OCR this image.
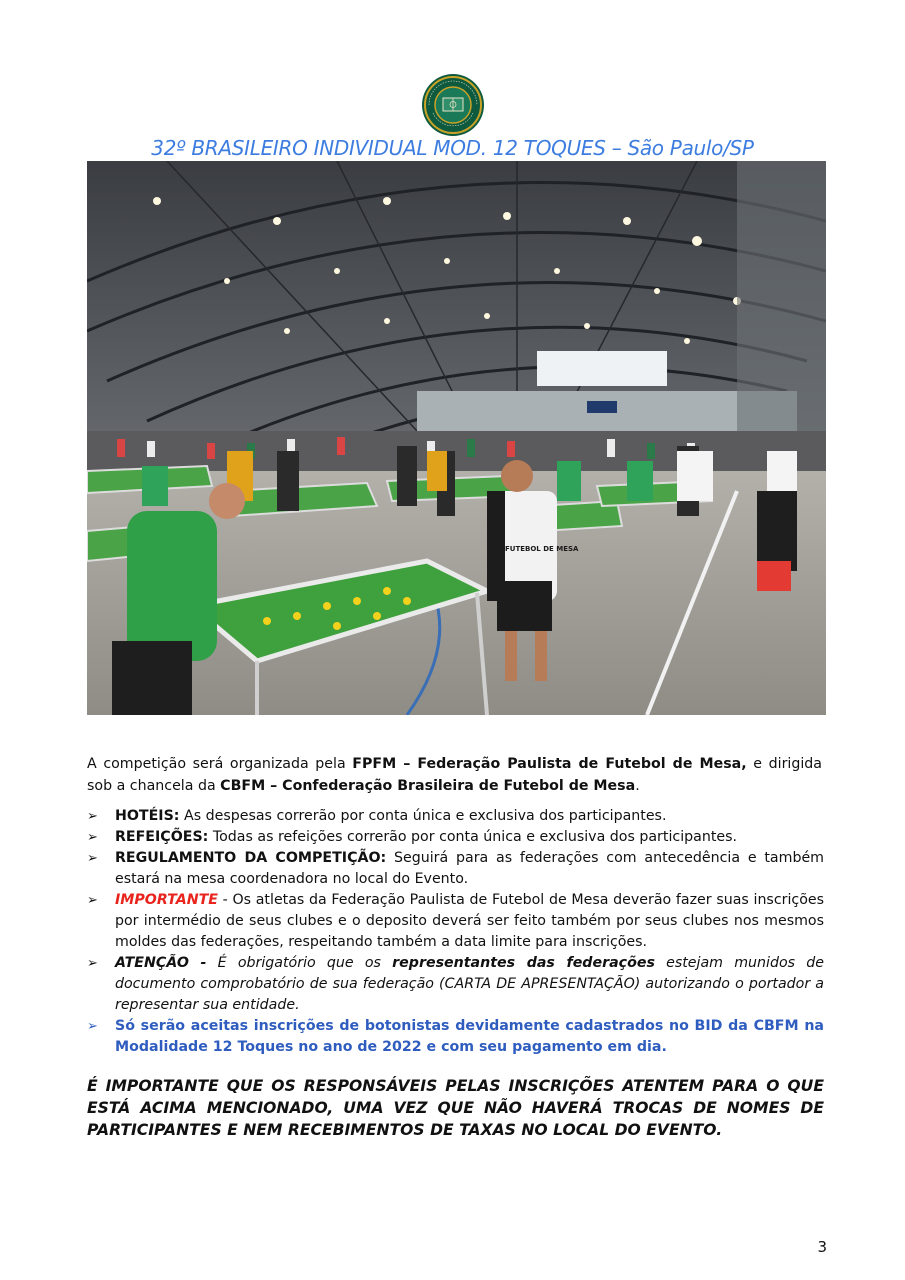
32º BRASILEIRO INDIVIDUAL MOD. 12 TOQUES – São Paulo/SP
FUTEBOL DE MESA
A competição será organizada pela FPFM – Federação Paulista de Futebol de Mesa, e dirigida sob a chancela da CBFM – Confederação Brasileira de Futebol de Mesa.
➢ HOTÉIS: As despesas correrão por conta única e exclusiva dos participantes.
➢ REFEIÇÕES: Todas as refeições correrão por conta única e exclusiva dos participantes.
➢ REGULAMENTO DA COMPETIÇÃO: Seguirá para as federações com antecedência e também estará na mesa coordenadora no local do Evento.
➢ IMPORTANTE - Os atletas da Federação Paulista de Futebol de Mesa deverão fazer suas inscrições por intermédio de seus clubes e o deposito deverá ser feito também por seus clubes nos mesmos moldes das federações, respeitando também a data limite para inscrições.
➢ ATENÇÃO - É obrigatório que os representantes das federações estejam munidos de documento comprobatório de sua federação (CARTA DE APRESENTAÇÃO) autorizando o portador a representar sua entidade.
➢ Só serão aceitas inscrições de botonistas devidamente cadastrados no BID da CBFM na Modalidade 12 Toques no ano de 2022 e com seu pagamento em dia.
É IMPORTANTE QUE OS RESPONSÁVEIS PELAS INSCRIÇÕES ATENTEM PARA O QUE ESTÁ ACIMA MENCIONADO, UMA VEZ QUE NÃO HAVERÁ TROCAS DE NOMES DE PARTICIPANTES E NEM RECEBIMENTOS DE TAXAS NO LOCAL DO EVENTO.
3
